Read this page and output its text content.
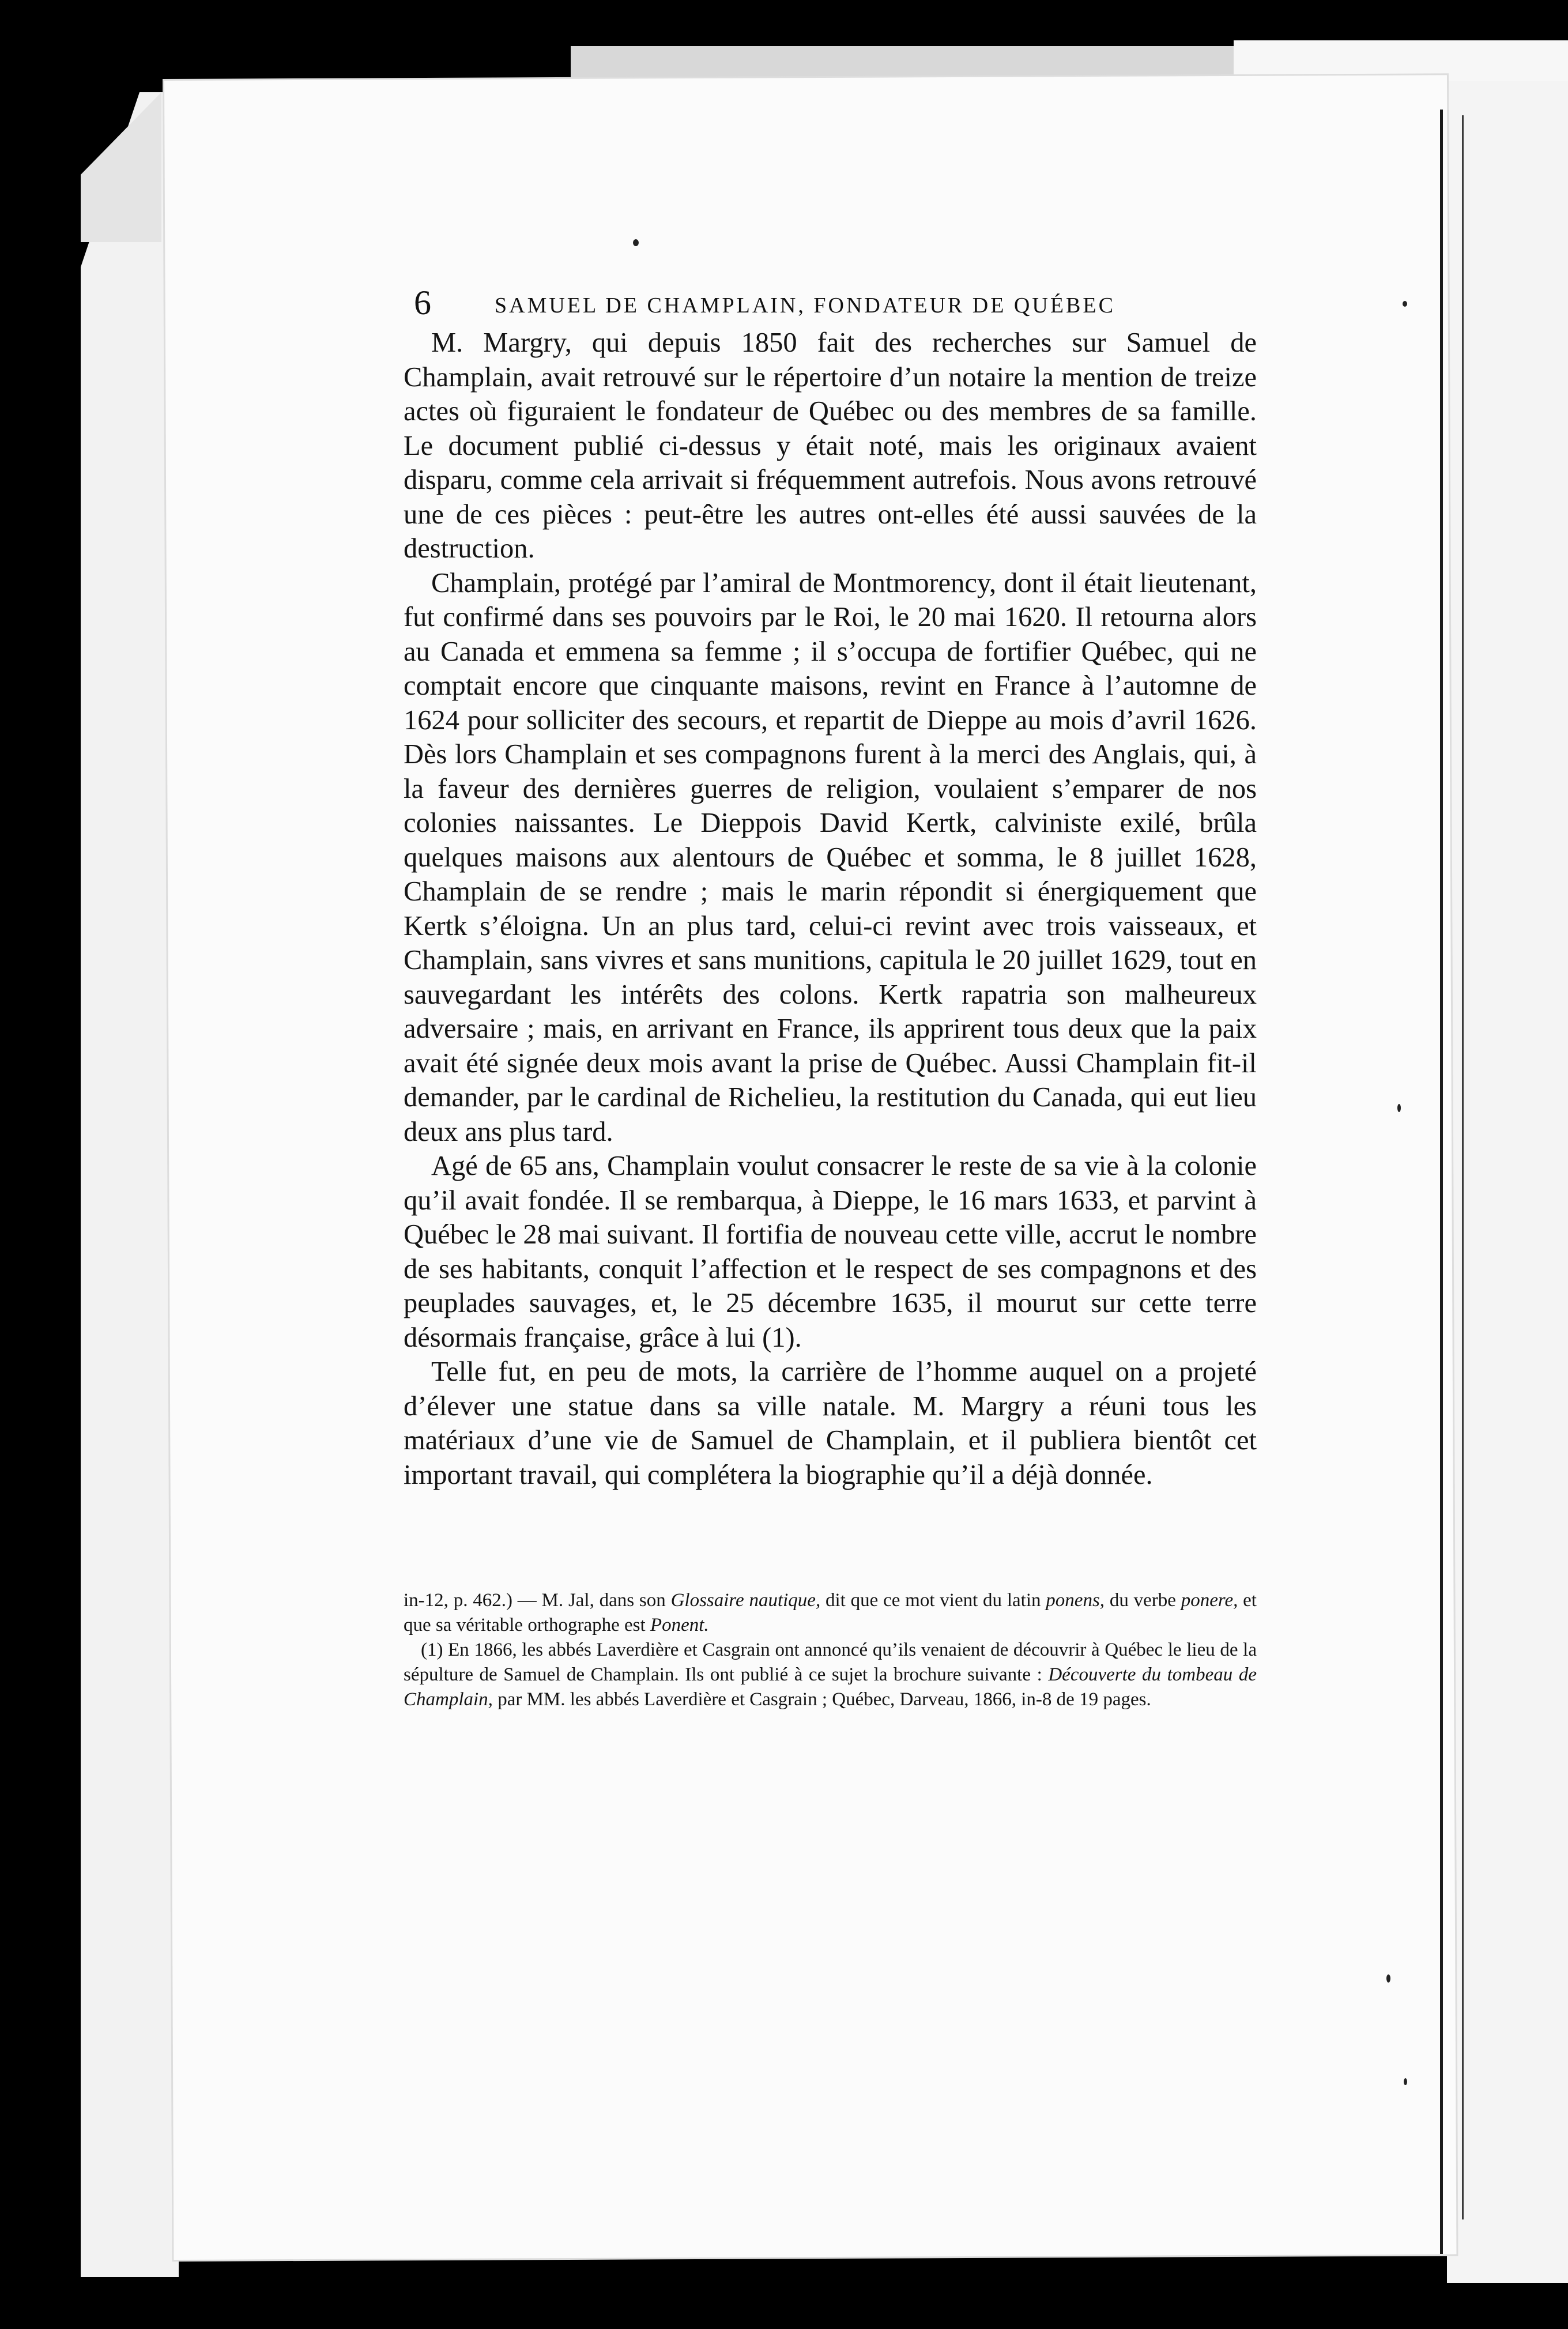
6	SAMUEL DE CHAMPLAIN, FONDATEUR DE QUÉBEC

M. Margry, qui depuis 1850 fait des recherches sur Samuel de Champlain, avait retrouvé sur le répertoire d’un notaire la mention de treize actes où figuraient le fondateur de Québec ou des membres de sa famille. Le document publié ci-dessus y était noté, mais les originaux avaient disparu, comme cela arrivait si fréquemment autrefois. Nous avons retrouvé une de ces pièces : peut-être les autres ont-elles été aussi sauvées de la destruction.

Champlain, protégé par l’amiral de Montmorency, dont il était lieutenant, fut confirmé dans ses pouvoirs par le Roi, le 20 mai 1620. Il retourna alors au Canada et emmena sa femme ; il s’occupa de fortifier Québec, qui ne comptait encore que cinquante maisons, revint en France à l’automne de 1624 pour solliciter des secours, et repartit de Dieppe au mois d’avril 1626. Dès lors Champlain et ses compagnons furent à la merci des Anglais, qui, à la faveur des dernières guerres de religion, voulaient s’emparer de nos colonies naissantes. Le Dieppois David Kertk, calviniste exilé, brûla quelques maisons aux alentours de Québec et somma, le 8 juillet 1628, Champlain de se rendre ; mais le marin répondit si énergiquement que Kertk s’éloigna. Un an plus tard, celui-ci revint avec trois vaisseaux, et Champlain, sans vivres et sans munitions, capitula le 20 juillet 1629, tout en sauvegardant les intérêts des colons. Kertk rapatria son malheureux adversaire ; mais, en arrivant en France, ils apprirent tous deux que la paix avait été signée deux mois avant la prise de Québec. Aussi Champlain fit-il demander, par le cardinal de Richelieu, la restitution du Canada, qui eut lieu deux ans plus tard.

Agé de 65 ans, Champlain voulut consacrer le reste de sa vie à la colonie qu’il avait fondée. Il se rembarqua, à Dieppe, le 16 mars 1633, et parvint à Québec le 28 mai suivant. Il fortifia de nouveau cette ville, accrut le nombre de ses habitants, conquit l’affection et le respect de ses compagnons et des peuplades sauvages, et, le 25 décembre 1635, il mourut sur cette terre désormais française, grâce à lui (1).

Telle fut, en peu de mots, la carrière de l’homme auquel on a projeté d’élever une statue dans sa ville natale. M. Margry a réuni tous les matériaux d’une vie de Samuel de Champlain, et il publiera bientôt cet important travail, qui complétera la biographie qu’il a déjà donnée.

in-12, p. 462.) — M. Jal, dans son Glossaire nautique, dit que ce mot vient du latin ponens, du verbe ponere, et que sa véritable orthographe est Ponent.

(1) En 1866, les abbés Laverdière et Casgrain ont annoncé qu’ils venaient de découvrir à Québec le lieu de la sépulture de Samuel de Champlain. Ils ont publié à ce sujet la brochure suivante : Découverte du tombeau de Champlain, par MM. les abbés Laverdière et Casgrain ; Québec, Darveau, 1866, in-8 de 19 pages.
